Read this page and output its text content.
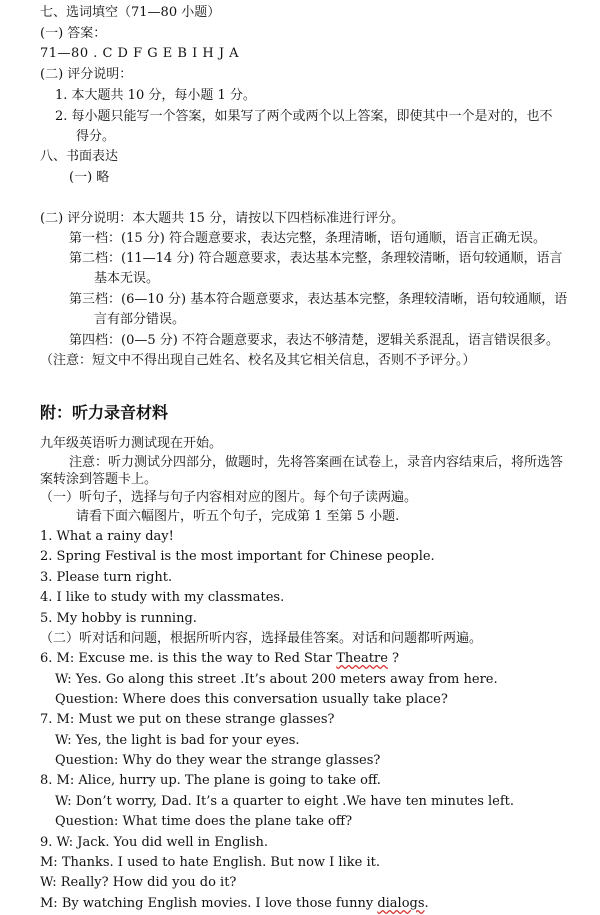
七、选词填空（71—80 小题）
(一) 答案：
71—80 . C D F G E B I H J A
(二) 评分说明：
1. 本大题共 10 分，每小题 1 分。
2. 每小题只能写一个答案，如果写了两个或两个以上答案，即使其中一个是对的，也不
得分。
八、书面表达
(一) 略
(二) 评分说明：本大题共 15 分，请按以下四档标准进行评分。
第一档：(15 分) 符合题意要求，表达完整，条理清晰，语句通顺，语言正确无误。
第二档：(11—14 分) 符合题意要求，表达基本完整，条理较清晰，语句较通顺，语言
基本无误。
第三档：(6—10 分) 基本符合题意要求，表达基本完整，条理较清晰，语句较通顺，语
言有部分错误。
第四档：(0—5 分) 不符合题意要求，表达不够清楚，逻辑关系混乱，语言错误很多。
（注意：短文中不得出现自己姓名、校名及其它相关信息，否则不予评分。）
附：听力录音材料
九年级英语听力测试现在开始。
注意：听力测试分四部分，做题时，先将答案画在试卷上，录音内容结束后，将所选答
案转涂到答题卡上。
（一）听句子，选择与句子内容相对应的图片。每个句子读两遍。
请看下面六幅图片，听五个句子，完成第 1 至第 5 小题.
1. What a rainy day!
2. Spring Festival is the most important for Chinese people.
3. Please turn right.
4. I like to study with my classmates.
5. My hobby is running.
（二）听对话和问题，根据所听内容，选择最佳答案。对话和问题都听两遍。
6. M: Excuse me. is this the way to Red Star Theatre ?
W: Yes. Go along this street .It’s about 200 meters away from here.
Question: Where does this conversation usually take place?
7. M: Must we put on these strange glasses?
W: Yes, the light is bad for your eyes.
Question: Why do they wear the strange glasses?
8. M: Alice, hurry up. The plane is going to take off.
W: Don’t worry, Dad. It’s a quarter to eight .We have ten minutes left.
Question: What time does the plane take off?
9. W: Jack. You did well in English.
M: Thanks. I used to hate English. But now I like it.
W: Really? How did you do it?
M: By watching English movies. I love those funny dialogs.
